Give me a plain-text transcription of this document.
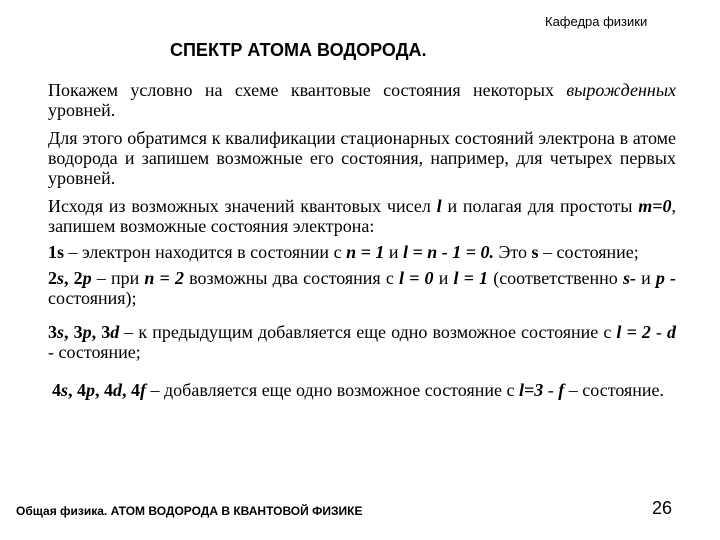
Кафедра физики
СПЕКТР АТОМА ВОДОРОДА.

Покажем условно на схеме квантовые состояния некоторых вырожденных уровней.

Для этого обратимся к квалификации стационарных состояний электрона в атоме водорода и запишем возможные его состояния, например, для четырех первых уровней.

Исходя из возможных значений квантовых чисел l и полагая для простоты m=0, запишем возможные состояния электрона:

1s – электрон находится в состоянии с n = 1 и l = n - 1 = 0. Это s – состояние;

2s, 2p – при n = 2 возможны два состояния с l = 0 и l = 1 (соответственно s- и p - состояния);

3s, 3p, 3d – к предыдущим добавляется еще одно возможное состояние с l = 2 - d - состояние;

4s, 4p, 4d, 4f – добавляется еще одно возможное состояние с l=3 - f – состояние.

Общая физика. АТОМ ВОДОРОДА В КВАНТОВОЙ ФИЗИКЕ	26
